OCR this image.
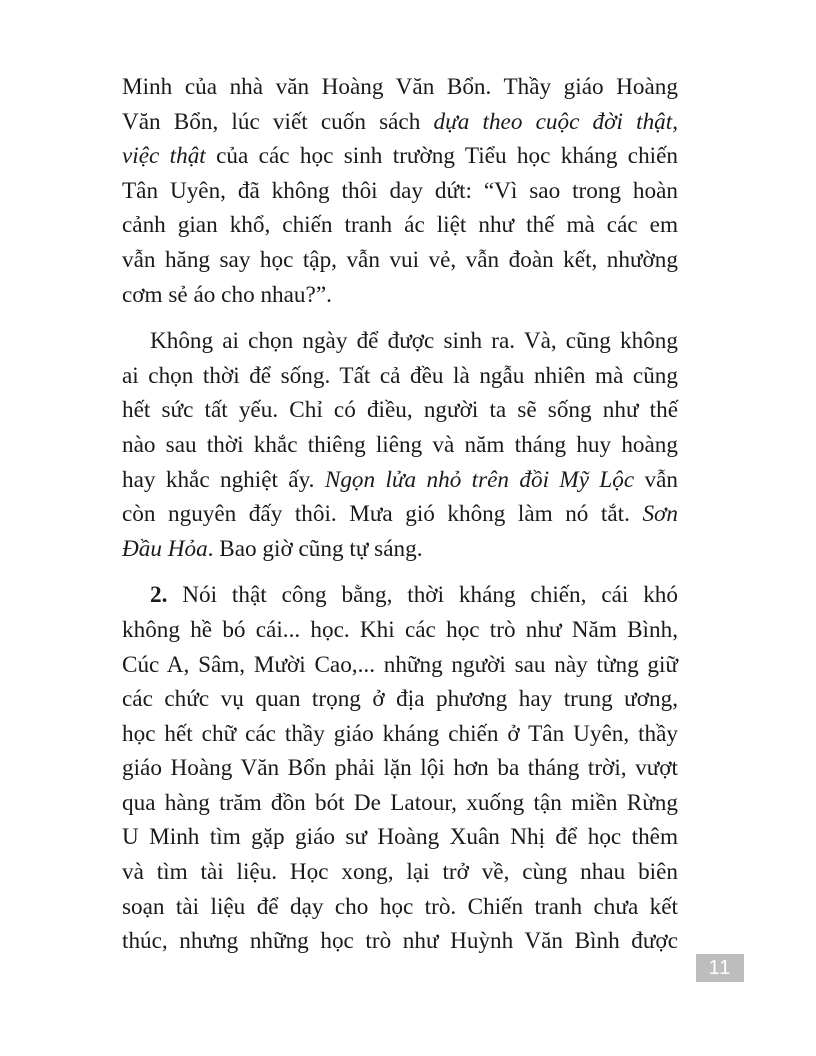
Minh của nhà văn Hoàng Văn Bổn. Thầy giáo Hoàng
Văn Bổn, lúc viết cuốn sách dựa theo cuộc đời thật,
việc thật của các học sinh trường Tiểu học kháng chiến
Tân Uyên, đã không thôi day dứt: “Vì sao trong hoàn
cảnh gian khổ, chiến tranh ác liệt như thế mà các em
vẫn hăng say học tập, vẫn vui vẻ, vẫn đoàn kết, nhường
cơm sẻ áo cho nhau?”.

Không ai chọn ngày để được sinh ra. Và, cũng không
ai chọn thời để sống. Tất cả đều là ngẫu nhiên mà cũng
hết sức tất yếu. Chỉ có điều, người ta sẽ sống như thế
nào sau thời khắc thiêng liêng và năm tháng huy hoàng
hay khắc nghiệt ấy. Ngọn lửa nhỏ trên đồi Mỹ Lộc vẫn
còn nguyên đấy thôi. Mưa gió không làm nó tắt. Sơn
Đầu Hỏa. Bao giờ cũng tự sáng.

2. Nói thật công bằng, thời kháng chiến, cái khó
không hề bó cái... học. Khi các học trò như Năm Bình,
Cúc A, Sâm, Mười Cao,... những người sau này từng giữ
các chức vụ quan trọng ở địa phương hay trung ương,
học hết chữ các thầy giáo kháng chiến ở Tân Uyên, thầy
giáo Hoàng Văn Bổn phải lặn lội hơn ba tháng trời, vượt
qua hàng trăm đồn bót De Latour, xuống tận miền Rừng
U Minh tìm gặp giáo sư Hoàng Xuân Nhị để học thêm
và tìm tài liệu. Học xong, lại trở về, cùng nhau biên
soạn tài liệu để dạy cho học trò. Chiến tranh chưa kết
thúc, nhưng những học trò như Huỳnh Văn Bình được

11
